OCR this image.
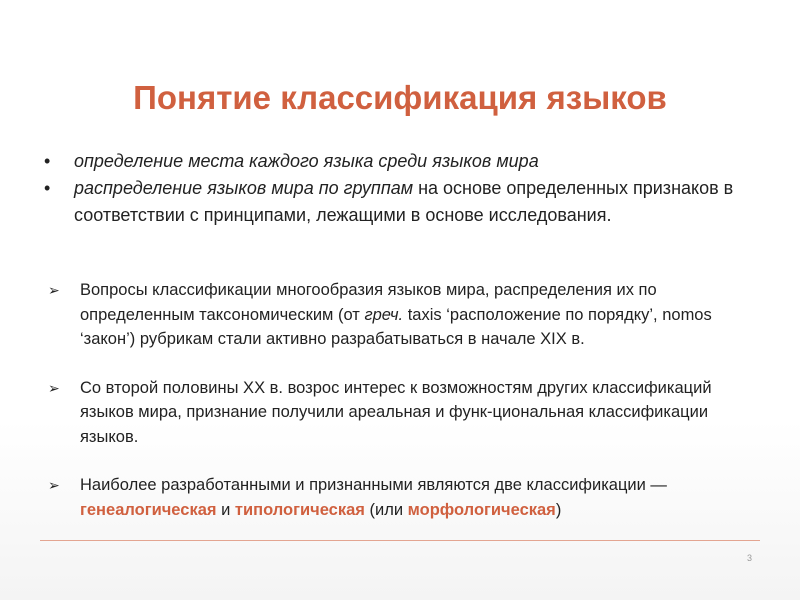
Понятие классификация языков
• определение места каждого языка среди языков мира
• распределение языков мира по группам на основе определенных признаков в соответствии с принципами, лежащими в основе исследования.
➢ Вопросы классификации многообразия языков мира, распределения их по определенным таксономическим (от греч. taxis ‘расположение по порядку’, nomos ‘закон’) рубрикам стали активно разрабатываться в начале XIX в.
➢ Со второй половины XX в. возрос интерес к возможностям других классификаций языков мира, признание получили ареальная и функ-циональная классификации языков.
➢ Наиболее разработанными и признанными являются две классификации — генеалогическая и типологическая (или морфологическая)
3
